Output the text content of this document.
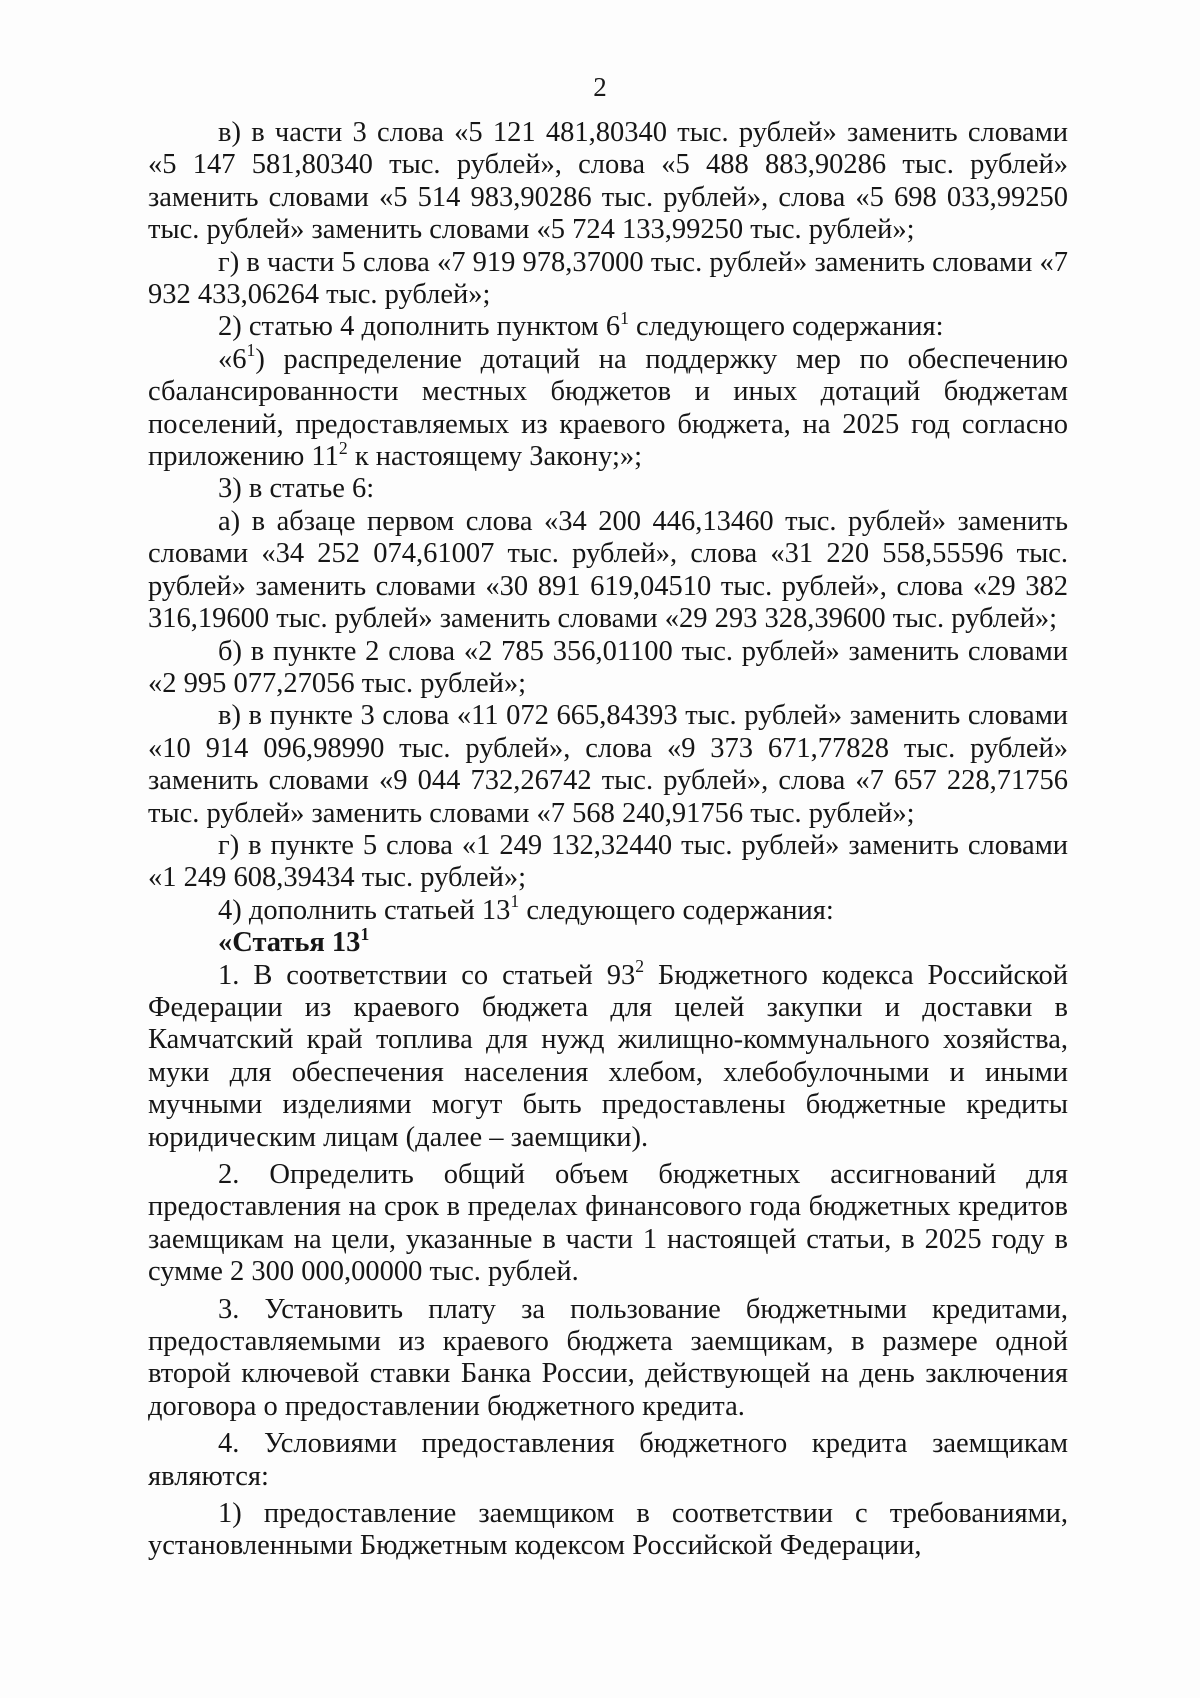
2

в) в части 3 слова «5 121 481,80340 тыс. рублей» заменить словами «5 147 581,80340 тыс. рублей», слова «5 488 883,90286 тыс. рублей» заменить словами «5 514 983,90286 тыс. рублей», слова «5 698 033,99250 тыс. рублей» заменить словами «5 724 133,99250 тыс. рублей»;

г) в части 5 слова «7 919 978,37000 тыс. рублей» заменить словами «7 932 433,06264 тыс. рублей»;

2) статью 4 дополнить пунктом $6^1$ следующего содержания:

«$6^1$) распределение дотаций на поддержку мер по обеспечению сбалансированности местных бюджетов и иных дотаций бюджетам поселений, предоставляемых из краевого бюджета, на 2025 год согласно приложению $11^2$ к настоящему Закону;»;

3) в статье 6:

а) в абзаце первом слова «34 200 446,13460 тыс. рублей» заменить словами «34 252 074,61007 тыс. рублей», слова «31 220 558,55596 тыс. рублей» заменить словами «30 891 619,04510 тыс. рублей», слова «29 382 316,19600 тыс. рублей» заменить словами «29 293 328,39600 тыс. рублей»;

б) в пункте 2 слова «2 785 356,01100 тыс. рублей» заменить словами «2 995 077,27056 тыс. рублей»;

в) в пункте 3 слова «11 072 665,84393 тыс. рублей» заменить словами «10 914 096,98990 тыс. рублей», слова «9 373 671,77828 тыс. рублей» заменить словами «9 044 732,26742 тыс. рублей», слова «7 657 228,71756 тыс. рублей» заменить словами «7 568 240,91756 тыс. рублей»;

г) в пункте 5 слова «1 249 132,32440 тыс. рублей» заменить словами «1 249 608,39434 тыс. рублей»;

4) дополнить статьей $13^1$ следующего содержания:

«Статья $13^1$

1. В соответствии со статьей $93^2$ Бюджетного кодекса Российской Федерации из краевого бюджета для целей закупки и доставки в Камчатский край топлива для нужд жилищно-коммунального хозяйства, муки для обеспечения населения хлебом, хлебобулочными и иными мучными изделиями могут быть предоставлены бюджетные кредиты юридическим лицам (далее – заемщики).

2. Определить общий объем бюджетных ассигнований для предоставления на срок в пределах финансового года бюджетных кредитов заемщикам на цели, указанные в части 1 настоящей статьи, в 2025 году в сумме 2 300 000,00000 тыс. рублей.

3. Установить плату за пользование бюджетными кредитами, предоставляемыми из краевого бюджета заемщикам, в размере одной второй ключевой ставки Банка России, действующей на день заключения договора о предоставлении бюджетного кредита.

4. Условиями предоставления бюджетного кредита заемщикам являются:

1) предоставление заемщиком в соответствии с требованиями, установленными Бюджетным кодексом Российской Федерации,
